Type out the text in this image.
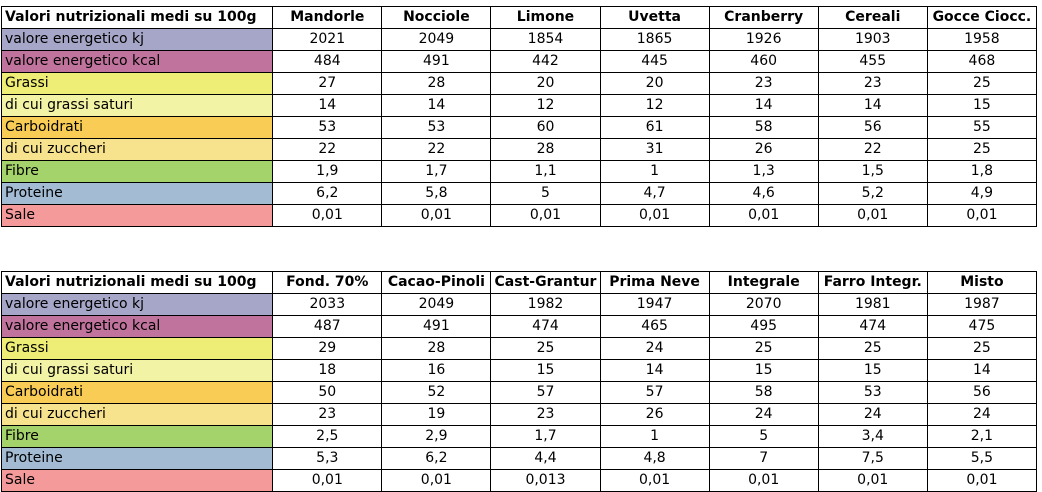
Valori nutrizionali medi su 100g	Mandorle	Nocciole	Limone	Uvetta	Cranberry	Cereali	Gocce Ciocc.
valore energetico kj	2021	2049	1854	1865	1926	1903	1958
valore energetico kcal	484	491	442	445	460	455	468
Grassi	27	28	20	20	23	23	25
di cui grassi saturi	14	14	12	12	14	14	15
Carboidrati	53	53	60	61	58	56	55
di cui zuccheri	22	22	28	31	26	22	25
Fibre	1,9	1,7	1,1	1	1,3	1,5	1,8
Proteine	6,2	5,8	5	4,7	4,6	5,2	4,9
Sale	0,01	0,01	0,01	0,01	0,01	0,01	0,01
Valori nutrizionali medi su 100g	Fond. 70%	Cacao-Pinoli	Cast-Grantur	Prima Neve	Integrale	Farro Integr.	Misto
valore energetico kj	2033	2049	1982	1947	2070	1981	1987
valore energetico kcal	487	491	474	465	495	474	475
Grassi	29	28	25	24	25	25	25
di cui grassi saturi	18	16	15	14	15	15	14
Carboidrati	50	52	57	57	58	53	56
di cui zuccheri	23	19	23	26	24	24	24
Fibre	2,5	2,9	1,7	1	5	3,4	2,1
Proteine	5,3	6,2	4,4	4,8	7	7,5	5,5
Sale	0,01	0,01	0,013	0,01	0,01	0,01	0,01
